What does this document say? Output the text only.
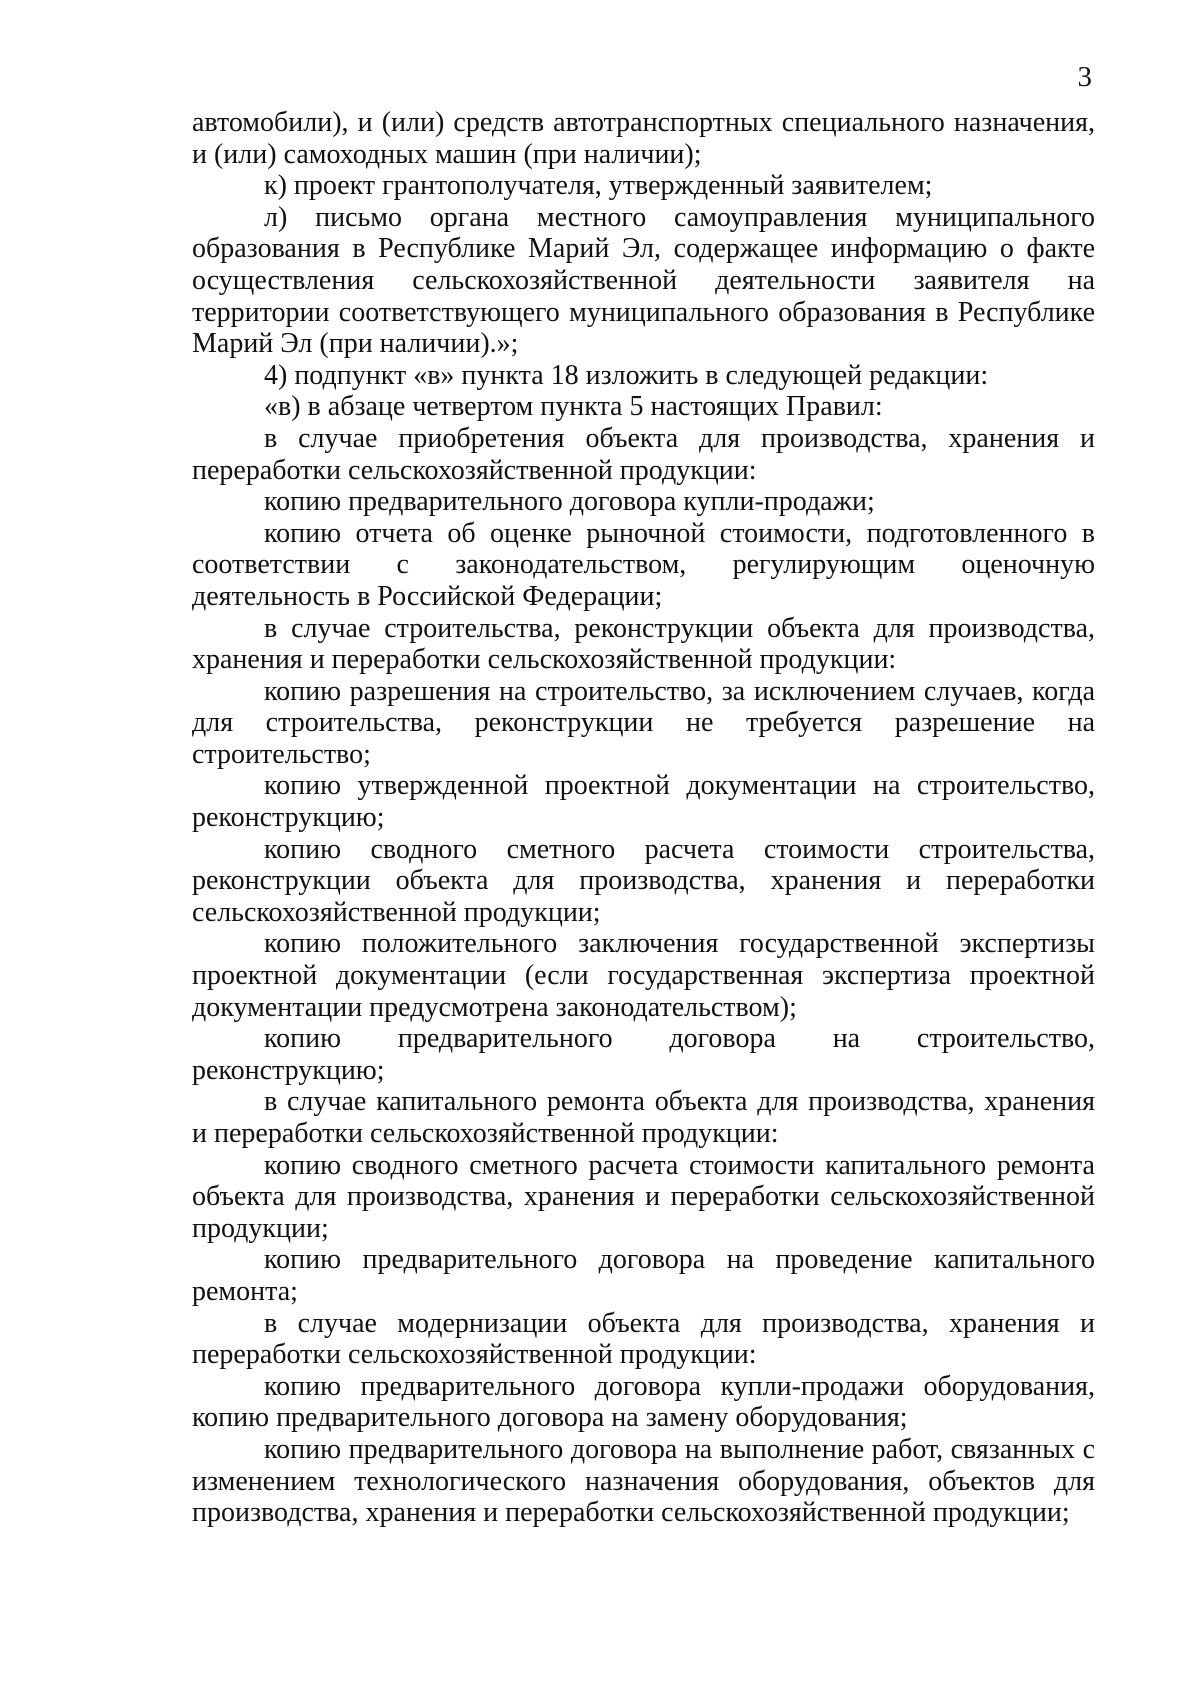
3

автомобили), и (или) средств автотранспортных специального назначения, и (или) самоходных машин (при наличии);

к) проект грантополучателя, утвержденный заявителем;

л) письмо органа местного самоуправления муниципального образования в Республике Марий Эл, содержащее информацию о факте осуществления сельскохозяйственной деятельности заявителя на территории соответствующего муниципального образования в Республике Марий Эл (при наличии).»;

4) подпункт «в» пункта 18 изложить в следующей редакции:

«в) в абзаце четвертом пункта 5 настоящих Правил:

в случае приобретения объекта для производства, хранения и переработки сельскохозяйственной продукции:

копию предварительного договора купли-продажи;

копию отчета об оценке рыночной стоимости, подготовленного в соответствии с законодательством, регулирующим оценочную деятельность в Российской Федерации;

в случае строительства, реконструкции объекта для производства, хранения и переработки сельскохозяйственной продукции:

копию разрешения на строительство, за исключением случаев, когда для строительства, реконструкции не требуется разрешение на строительство;

копию утвержденной проектной документации на строительство, реконструкцию;

копию сводного сметного расчета стоимости строительства, реконструкции объекта для производства, хранения и переработки сельскохозяйственной продукции;

копию положительного заключения государственной экспертизы проектной документации (если государственная экспертиза проектной документации предусмотрена законодательством);

копию предварительного договора на строительство, реконструкцию;

в случае капитального ремонта объекта для производства, хранения и переработки сельскохозяйственной продукции:

копию сводного сметного расчета стоимости капитального ремонта объекта для производства, хранения и переработки сельскохозяйственной продукции;

копию предварительного договора на проведение капитального ремонта;

в случае модернизации объекта для производства, хранения и переработки сельскохозяйственной продукции:

копию предварительного договора купли-продажи оборудования, копию предварительного договора на замену оборудования;

копию предварительного договора на выполнение работ, связанных с изменением технологического назначения оборудования, объектов для производства, хранения и переработки сельскохозяйственной продукции;
